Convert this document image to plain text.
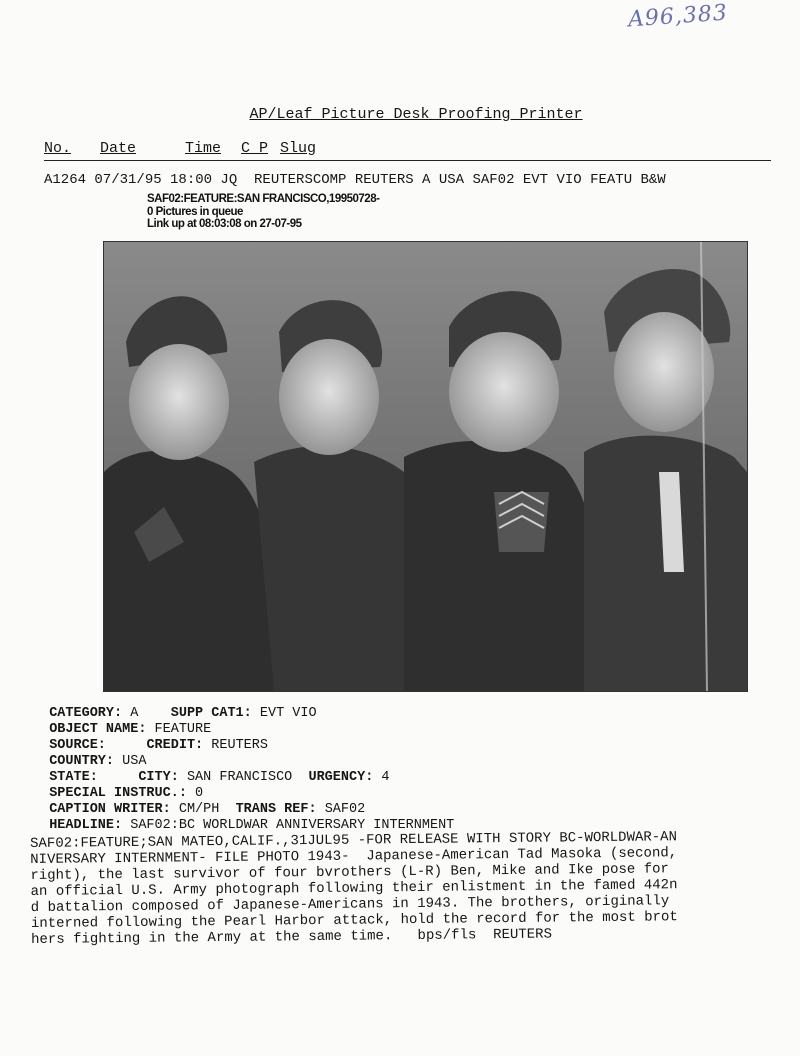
A96,383
AP/Leaf Picture Desk Proofing Printer
No. Date	Time C P Slug
A1264 07/31/95 18:00 JQ  REUTERSCOMP REUTERS A USA SAF02 EVT VIO FEATU B&W
SAF02:FEATURE:SAN FRANCISCO,19950728-
0 Pictures in queue
Link up at 08:03:08 on 27-07-95

CATEGORY: A SUPP CAT1: EVT VIO

OBJECT NAME: FEATURE

SOURCE:	CREDIT: REUTERS

COUNTRY: USA

STATE:	CITY: SAN FRANCISCO URGENCY: 4

SPECIAL INSTRUC.: 0

CAPTION WRITER: CM/PH TRANS REF: SAF02

HEADLINE: SAF02:BC WORLDWAR ANNIVERSARY INTERNMENT

SAF02:FEATURE;SAN MATEO,CALIF.,31JUL95 -FOR RELEASE WITH STORY BC-WORLDWAR-AN
NIVERSARY INTERNMENT- FILE PHOTO 1943-  Japanese-American Tad Masoka (second,
right), the last survivor of four bvrothers (L-R) Ben, Mike and Ike pose for
an official U.S. Army photograph following their enlistment in the famed 442n
d battalion composed of Japanese-Americans in 1943. The brothers, originally
interned following the Pearl Harbor attack, hold the record for the most brot
hers fighting in the Army at the same time.   bps/fls  REUTERS
